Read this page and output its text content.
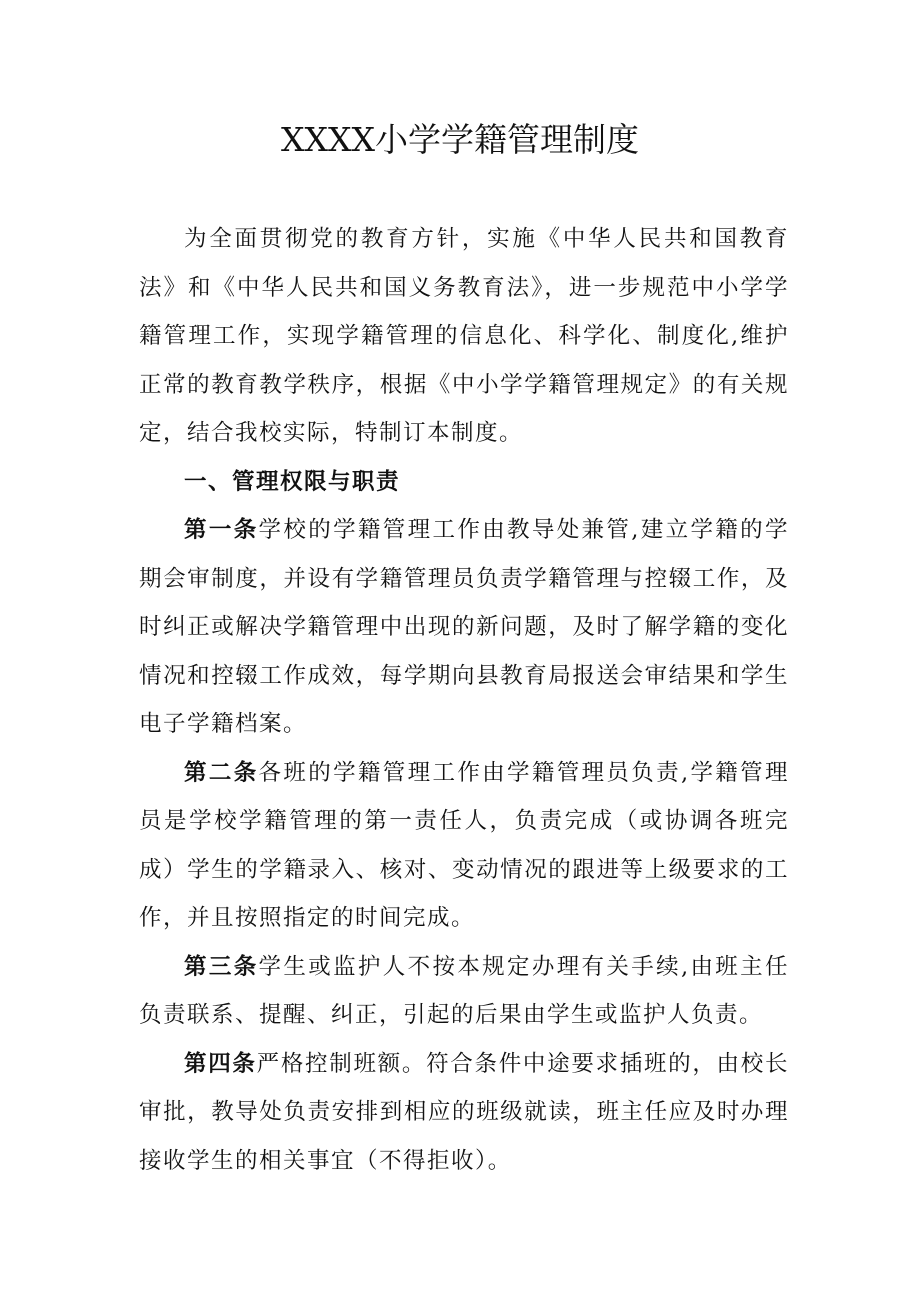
XXXX小学学籍管理制度

为全面贯彻党的教育方针，实施《中华人民共和国教育法》和《中华人民共和国义务教育法》，进一步规范中小学学籍管理工作，实现学籍管理的信息化、科学化、制度化,维护正常的教育教学秩序，根据《中小学学籍管理规定》的有关规定，结合我校实际，特制订本制度。

一、管理权限与职责

第一条学校的学籍管理工作由教导处兼管,建立学籍的学期会审制度，并设有学籍管理员负责学籍管理与控辍工作，及时纠正或解决学籍管理中出现的新问题，及时了解学籍的变化情况和控辍工作成效，每学期向县教育局报送会审结果和学生电子学籍档案。

第二条各班的学籍管理工作由学籍管理员负责,学籍管理员是学校学籍管理的第一责任人，负责完成（或协调各班完成）学生的学籍录入、核对、变动情况的跟进等上级要求的工作，并且按照指定的时间完成。

第三条学生或监护人不按本规定办理有关手续,由班主任负责联系、提醒、纠正，引起的后果由学生或监护人负责。

第四条严格控制班额。符合条件中途要求插班的，由校长审批，教导处负责安排到相应的班级就读，班主任应及时办理接收学生的相关事宜（不得拒收）。
